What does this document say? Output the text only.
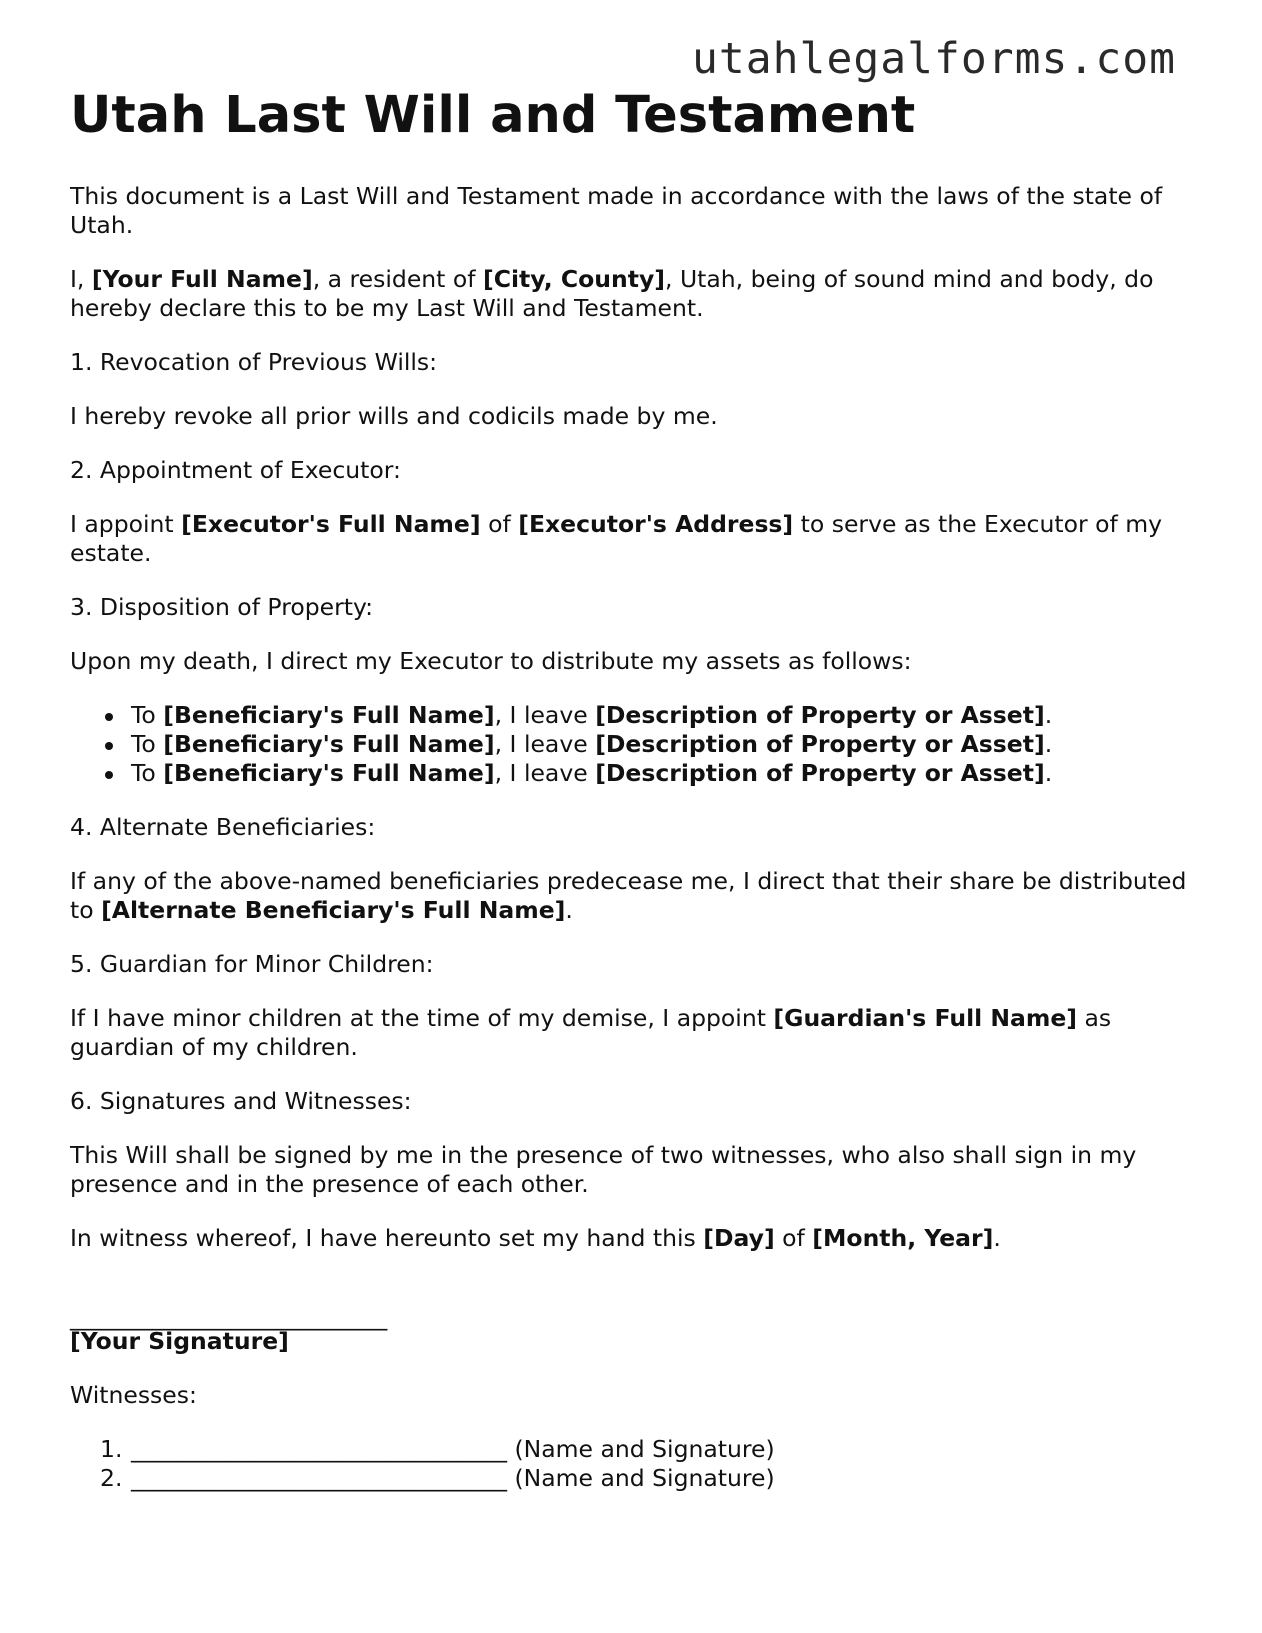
utahlegalforms.com
Utah Last Will and Testament

This document is a Last Will and Testament made in accordance with the laws of the state of Utah.

I, [Your Full Name], a resident of [City, County], Utah, being of sound mind and body, do hereby declare this to be my Last Will and Testament.

1. Revocation of Previous Wills:

I hereby revoke all prior wills and codicils made by me.

2. Appointment of Executor:

I appoint [Executor's Full Name] of [Executor's Address] to serve as the Executor of my estate.

3. Disposition of Property:

Upon my death, I direct my Executor to distribute my assets as follows:

To [Beneficiary's Full Name], I leave [Description of Property or Asset].
To [Beneficiary's Full Name], I leave [Description of Property or Asset].
To [Beneficiary's Full Name], I leave [Description of Property or Asset].

4. Alternate Beneficiaries:

If any of the above-named beneficiaries predecease me, I direct that their share be distributed to [Alternate Beneficiary's Full Name].

5. Guardian for Minor Children:

If I have minor children at the time of my demise, I appoint [Guardian's Full Name] as guardian of my children.

6. Signatures and Witnesses:

This Will shall be signed by me in the presence of two witnesses, who also shall sign in my presence and in the presence of each other.

In witness whereof, I have hereunto set my hand this [Day] of [Month, Year].

___________________________
[Your Signature]

Witnesses:

1. ________________________________ (Name and Signature)
2. ________________________________ (Name and Signature)
